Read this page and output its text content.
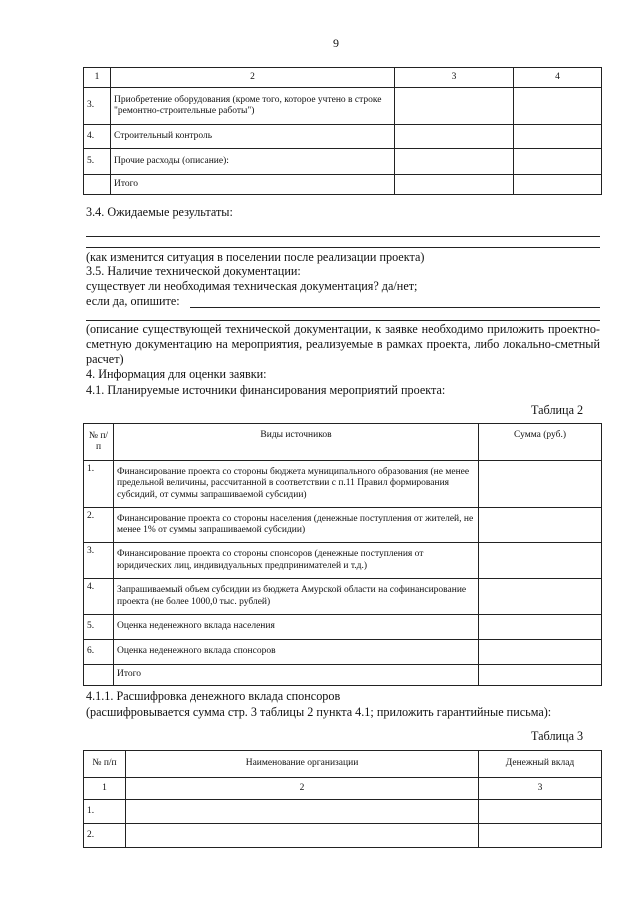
9
1	2	3	4
3.	Приобретение оборудования (кроме того, которое учтено в строке "ремонтно-строительные работы")		
4.	Строительный контроль		
5.	Прочие расходы (описание):		
	Итого		
3.4. Ожидаемые результаты:
(как изменится ситуация в поселении после реализации проекта)
3.5. Наличие технической документации:
существует ли необходимая техническая документация? да/нет;
если да, опишите:
(описание существующей технической документации, к заявке необходимо приложить проектно-сметную документацию на мероприятия, реализуемые в рамках проекта, либо локально-сметный расчет)
4. Информация для оценки заявки:
4.1. Планируемые источники финансирования мероприятий проекта:
Таблица 2
№ п/п	Виды источников	Сумма (руб.)
1.	Финансирование проекта со стороны бюджета муниципального образования (не менее предельной величины, рассчитанной в соответствии с п.11 Правил формирования субсидий, от суммы запрашиваемой субсидии)	
2.	Финансирование проекта со стороны населения (денежные поступления от жителей, не менее 1% от суммы запрашиваемой субсидии)	
3.	Финансирование проекта со стороны спонсоров (денежные поступления от юридических лиц, индивидуальных предпринимателей и т.д.)	
4.	Запрашиваемый объем субсидии из бюджета Амурской области на софинансирование проекта (не более 1000,0 тыс. рублей)	
5.	Оценка неденежного вклада населения	
6.	Оценка неденежного вклада спонсоров	
	Итого	
4.1.1. Расшифровка денежного вклада спонсоров
(расшифровывается сумма стр. 3 таблицы 2 пункта 4.1; приложить гарантийные письма):
Таблица 3
№ п/п	Наименование организации	Денежный вклад
1	2	3
1.		
2.		
